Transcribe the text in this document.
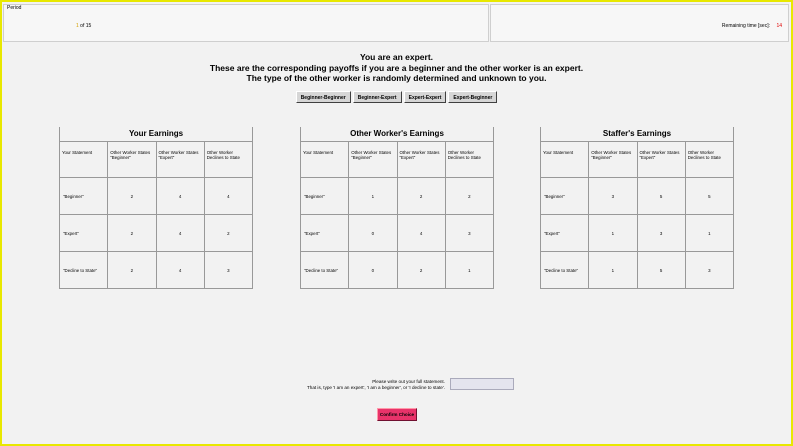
Period
1 of 15	Remaining time [sec]: 14
You are an expert.
These are the corresponding payoffs if you are a beginner and the other worker is an expert.
The type of the other worker is randomly determined and unknown to you.
Beginner-Beginner Beginner-Expert Expert-Expert Expert-Beginner
Your Earnings
Your Statement	Other Worker States "Beginner"	Other Worker States "Expert"	Other Worker Declines to State
"Beginner"	2	4	4
"Expert"	2	4	2
"Decline to State"	2	4	3
Other Worker's Earnings
Your Statement	Other Worker States "Beginner"	Other Worker States "Expert"	Other Worker Declines to State
"Beginner"	1	2	2
"Expert"	0	4	3
"Decline to State"	0	2	1
Staffer's Earnings
Your Statement	Other Worker States "Beginner"	Other Worker States "Expert"	Other Worker Declines to State
"Beginner"	3	5	5
"Expert"	1	3	1
"Decline to State"	1	5	3
Please write out your full statement.
That is, type 'I am an expert', 'I am a beginner', or 'I decline to state'.
Confirm Choice
